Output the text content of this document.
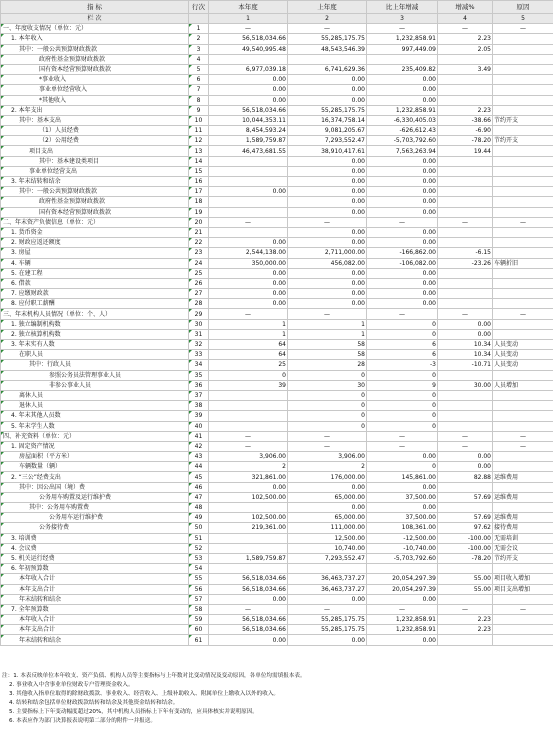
指 标	行次	本年度	上年度	比上年增减	增减%	原因
栏 次		1	2	3	4	5
一、年度收支情况（单位：元）	1	—	—	—	—	—
1. 本年收入	2	56,518,034.66	55,285,175.75	1,232,858.91	2.23	
其中：一般公共预算财政拨款	3	49,540,995.48	48,543,546.39	997,449.09	2.05	
政府性基金预算财政拨款	4					
国有资本经营预算财政拨款	5	6,977,039.18	6,741,629.36	235,409.82	3.49	
*事业收入	6	0.00	0.00	0.00		
事业单位经营收入	7	0.00	0.00	0.00		
*其他收入	8	0.00	0.00	0.00		
2. 本年支出	9	56,518,034.66	55,285,175.75	1,232,858.91	2.23	
其中：基本支出	10	10,044,353.11	16,374,758.14	-6,330,405.03	-38.66	节约开支
（1）人员经费	11	8,454,593.24	9,081,205.67	-626,612.43	-6.90	
（2）公用经费	12	1,589,759.87	7,293,552.47	-5,703,792.60	-78.20	节约开支
项目支出	13	46,473,681.55	38,910,417.61	7,563,263.94	19.44	
其中：基本建设类项目	14		0.00	0.00		
事业单位经营支出	15		0.00	0.00		
3. 年末结转和结余	16		0.00	0.00		
其中：一般公共预算财政拨款	17	0.00	0.00	0.00		
政府性基金预算财政拨款	18		0.00	0.00		
国有资本经营预算财政拨款	19		0.00	0.00		
二、年末资产负债信息（单位：元）	20	—	—	—	—	—
1. 货币资金	21		0.00	0.00		
2. 财政应返还额度	22	0.00	0.00	0.00		
3. 房屋	23	2,544,138.00	2,711,000.00	-166,862.00	-6.15	
4. 车辆	24	350,000.00	456,082.00	-106,082.00	-23.26	车辆折旧
5. 在建工程	25	0.00	0.00	0.00		
6. 借款	26	0.00	0.00	0.00		
7. 应缴财政款	27	0.00	0.00	0.00		
8. 应付职工薪酬	28	0.00	0.00	0.00		
三、年末机构人员情况（单位：个、人）	29	—	—	—	—	—
1. 独立编制机构数	30	1	1	0	0.00	
2. 独立核算机构数	31	1	1	0	0.00	
3. 年末实有人数	32	64	58	6	10.34	人员变动
在职人员	33	64	58	6	10.34	人员变动
其中：行政人员	34	25	28	-3	-10.71	人员变动
参照公务员法管理事业人员	35	0	0	0		
非参公事业人员	36	39	30	9	30.00	人员增加
离休人员	37		0	0		
退休人员	38		0	0		
4. 年末其他人员数	39		0	0		
5. 年末学生人数	40		0	0		
四、补充资料（单位：元）	41	—	—	—	—	—
1. 固定资产情况	42	—	—	—	—	—
房屋面积（平方米）	43	3,906.00	3,906.00	0.00	0.00	
车辆数量（辆）	44	2	2	0	0.00	
2. “三公”经费支出	45	321,861.00	176,000.00	145,861.00	82.88	运维费用
其中：因公出国（境）费	46	0.00	0.00	0.00		
公务用车购置及运行维护费	47	102,500.00	65,000.00	37,500.00	57.69	运维费用
其中：公务用车购置费	48		0.00	0.00		
公务用车运行维护费	49	102,500.00	65,000.00	37,500.00	57.69	运维费用
公务接待费	50	219,361.00	111,000.00	108,361.00	97.62	接待费用
3. 培训费	51		12,500.00	-12,500.00	-100.00	无需培训
4. 会议费	52		10,740.00	-10,740.00	-100.00	无需会议
5. 机关运行经费	53	1,589,759.87	7,293,552.47	-5,703,792.60	-78.20	节约开支
6. 年初预算数	54					
本年收入合计	55	56,518,034.66	36,463,737.27	20,054,297.39	55.00	项目收入增加
本年支出合计	56	56,518,034.66	36,463,737.27	20,054,297.39	55.00	项目支出增加
年末结转和结余	57	0.00	0.00	0.00		
7. 全年预算数	58	—	—	—	—	—
本年收入合计	59	56,518,034.66	55,285,175.75	1,232,858.91	2.23	
本年支出合计	60	56,518,034.66	55,285,175.75	1,232,858.91	2.23	
年末结转和结余	61	0.00	0.00	0.00		
注：1. 本表反映单位本年收支、资产负债、机构人员等主要指标与上年数对比变动情况及变动原因，各单位均需填报本表。
2. 事业收入中含事业单位财政专户管理资金收入。
3. 其他收入指单位取得的除财政拨款、事业收入、经营收入、上级补助收入、附属单位上缴收入以外的收入。
4. 结转和结余包括单位财政拨款结转和结余及其他资金结转和结余。
5. 主要指标上下年变动幅度超过20%，其中机构人员指标上下年有变动的，应具体核实并说明原因。
6. 本表应作为部门决算报表说明第二部分的附件一并报送。
